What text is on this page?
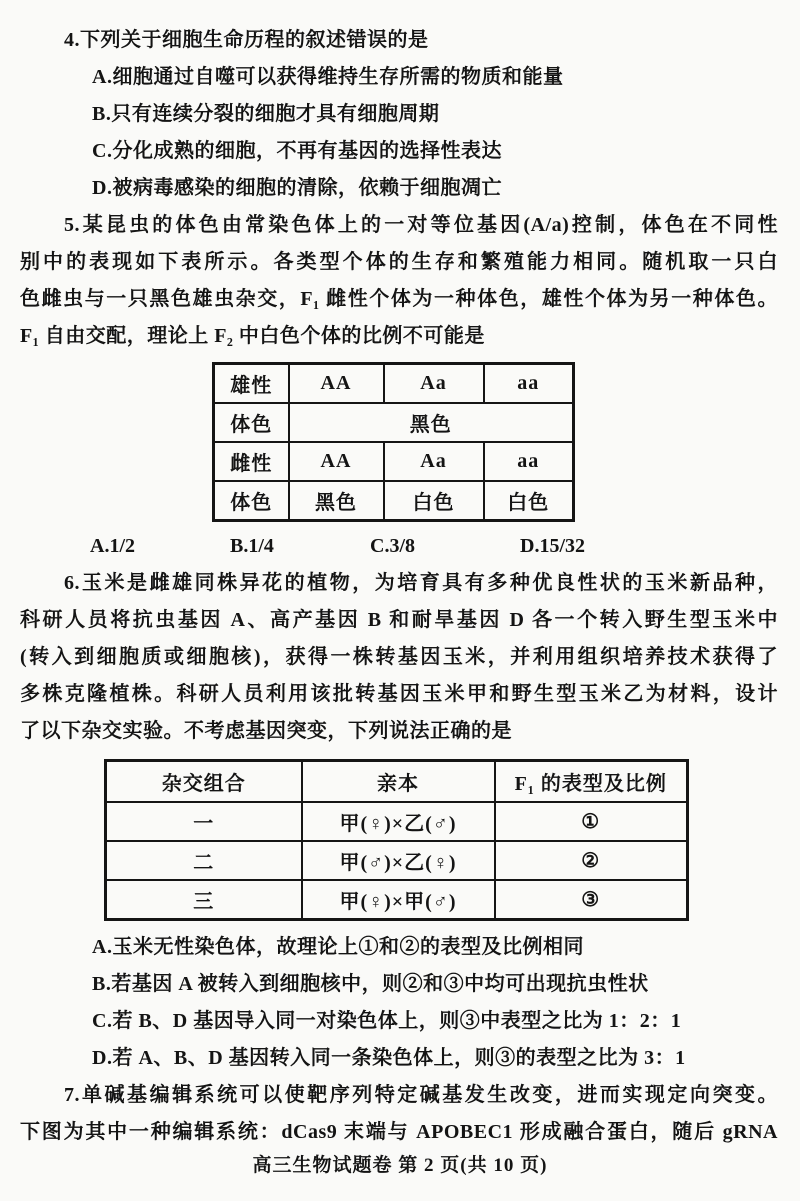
4.下列关于细胞生命历程的叙述错误的是
A.细胞通过自噬可以获得维持生存所需的物质和能量
B.只有连续分裂的细胞才具有细胞周期
C.分化成熟的细胞，不再有基因的选择性表达
D.被病毒感染的细胞的清除，依赖于细胞凋亡
5.某昆虫的体色由常染色体上的一对等位基因(A/a)控制，体色在不同性
别中的表现如下表所示。各类型个体的生存和繁殖能力相同。随机取一只白
色雌虫与一只黑色雄虫杂交，F₁ 雌性个体为一种体色，雄性个体为另一种体色。
F₁ 自由交配，理论上 F₂ 中白色个体的比例不可能是
雄性	AA	Aa	aa
体色	黑色		
雌性	AA	Aa	aa
体色	黑色	白色	白色
A.1/2	B.1/4	C.3/8	D.15/32
6.玉米是雌雄同株异花的植物，为培育具有多种优良性状的玉米新品种，
科研人员将抗虫基因 A、高产基因 B 和耐旱基因 D 各一个转入野生型玉米中
(转入到细胞质或细胞核)，获得一株转基因玉米，并利用组织培养技术获得了
多株克隆植株。科研人员利用该批转基因玉米甲和野生型玉米乙为材料，设计
了以下杂交实验。不考虑基因突变，下列说法正确的是
杂交组合	亲本	F₁ 的表型及比例
一	甲(♀)×乙(♂)	①
二	甲(♂)×乙(♀)	②
三	甲(♀)×甲(♂)	③
A.玉米无性染色体，故理论上①和②的表型及比例相同
B.若基因 A 被转入到细胞核中，则②和③中均可出现抗虫性状
C.若 B、D 基因导入同一对染色体上，则③中表型之比为 1：2：1
D.若 A、B、D 基因转入同一条染色体上，则③的表型之比为 3：1
7.单碱基编辑系统可以使靶序列特定碱基发生改变，进而实现定向突变。
下图为其中一种编辑系统：dCas9 末端与 APOBEC1 形成融合蛋白，随后 gRNA
高三生物试题卷 第 2 页(共 10 页)
